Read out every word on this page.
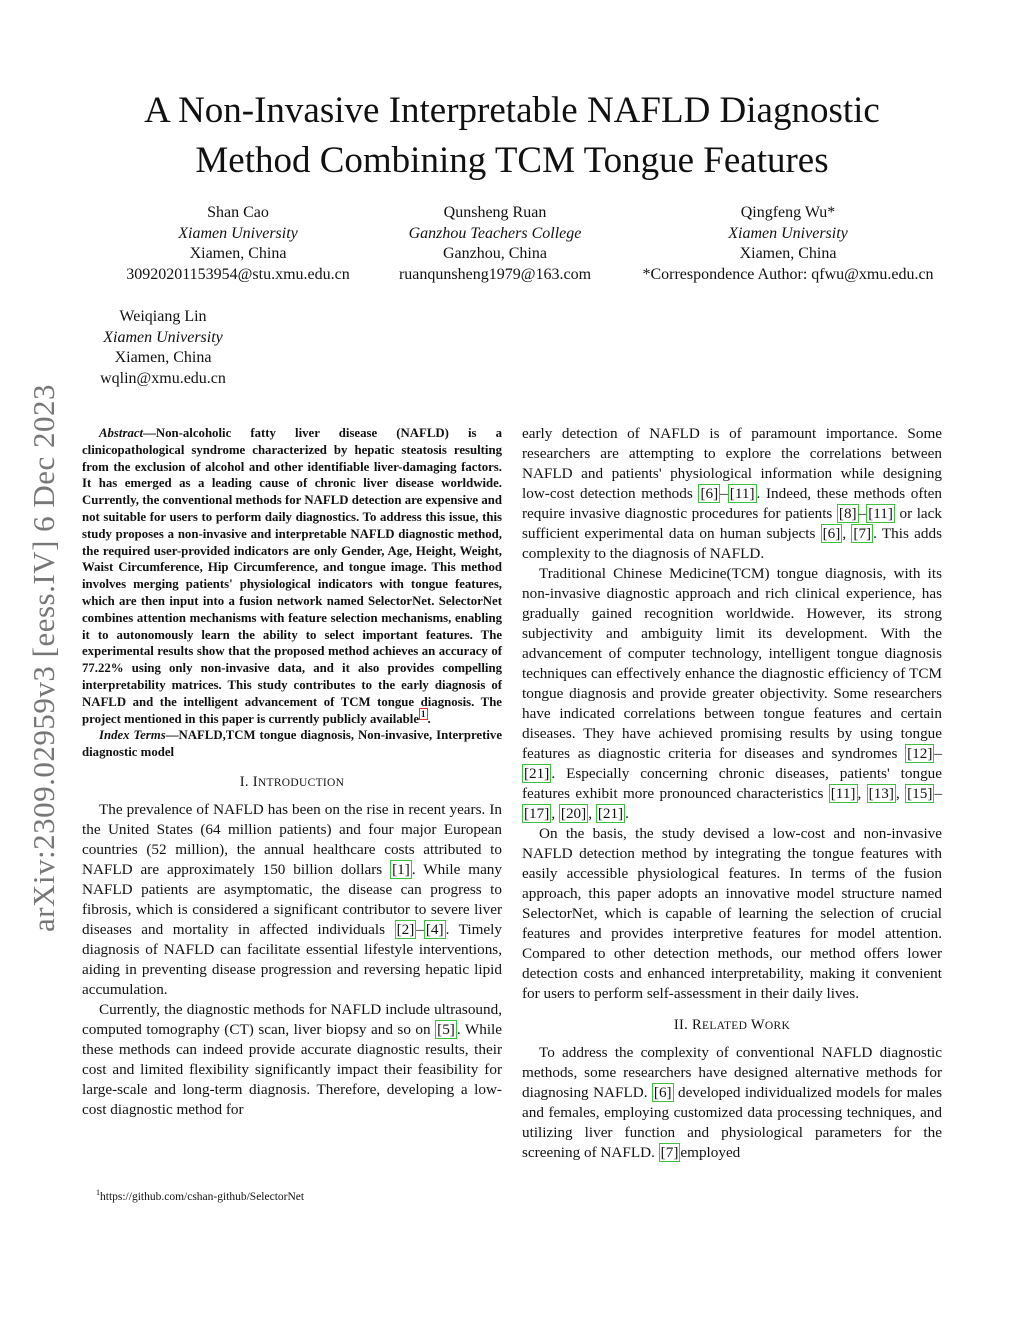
arXiv:2309.02959v3 [eess.IV] 6 Dec 2023
A Non-Invasive Interpretable NAFLD Diagnostic
Method Combining TCM Tongue Features
Shan Cao
Xiamen University
Xiamen, China
30920201153954@stu.xmu.edu.cn
Qunsheng Ruan
Ganzhou Teachers College
Ganzhou, China
ruanqunsheng1979@163.com
Qingfeng Wu*
Xiamen University
Xiamen, China
*Correspondence Author: qfwu@xmu.edu.cn
Weiqiang Lin
Xiamen University
Xiamen, China
wqlin@xmu.edu.cn

Abstract—Non-alcoholic fatty liver disease (NAFLD) is a clinicopathological syndrome characterized by hepatic steatosis resulting from the exclusion of alcohol and other identifiable liver-damaging factors. It has emerged as a leading cause of chronic liver disease worldwide. Currently, the conventional methods for NAFLD detection are expensive and not suitable for users to perform daily diagnostics. To address this issue, this study proposes a non-invasive and interpretable NAFLD diagnostic method, the required user-provided indicators are only Gender, Age, Height, Weight, Waist Circumference, Hip Circumference, and tongue image. This method involves merging patients' physiological indicators with tongue features, which are then input into a fusion network named SelectorNet. SelectorNet combines attention mechanisms with feature selection mechanisms, enabling it to autonomously learn the ability to select important features. The experimental results show that the proposed method achieves an accuracy of 77.22% using only non-invasive data, and it also provides compelling interpretability matrices. This study contributes to the early diagnosis of NAFLD and the intelligent advancement of TCM tongue diagnosis. The project mentioned in this paper is currently publicly available $^1$ .

Index Terms—NAFLD,TCM tongue diagnosis, Non-invasive, Interpretive diagnostic model

I. INTRODUCTION

The prevalence of NAFLD has been on the rise in recent years. In the United States (64 million patients) and four major European countries (52 million), the annual healthcare costs attributed to NAFLD are approximately 150 billion dollars [1] . While many NAFLD patients are asymptomatic, the disease can progress to fibrosis, which is considered a significant contributor to severe liver diseases and mortality in affected individuals [2] – [4] . Timely diagnosis of NAFLD can facilitate essential lifestyle interventions, aiding in preventing disease progression and reversing hepatic lipid accumulation.

Currently, the diagnostic methods for NAFLD include ultrasound, computed tomography (CT) scan, liver biopsy and so on [5] . While these methods can indeed provide accurate diagnostic results, their cost and limited flexibility significantly impact their feasibility for large-scale and long-term diagnosis. Therefore, developing a low-cost diagnostic method for

$^1$https://github.com/cshan-github/SelectorNet

early detection of NAFLD is of paramount importance. Some researchers are attempting to explore the correlations between NAFLD and patients' physiological information while designing low-cost detection methods [6] – [11] . Indeed, these methods often require invasive diagnostic procedures for patients [8] – [11] or lack sufficient experimental data on human subjects [6] , [7] . This adds complexity to the diagnosis of NAFLD.

Traditional Chinese Medicine(TCM) tongue diagnosis, with its non-invasive diagnostic approach and rich clinical experience, has gradually gained recognition worldwide. However, its strong subjectivity and ambiguity limit its development. With the advancement of computer technology, intelligent tongue diagnosis techniques can effectively enhance the diagnostic efficiency of TCM tongue diagnosis and provide greater objectivity. Some researchers have indicated correlations between tongue features and certain diseases. They have achieved promising results by using tongue features as diagnostic criteria for diseases and syndromes [12] –[21] . Especially concerning chronic diseases, patients' tongue features exhibit more pronounced characteristics [11] , [13] , [15] –[17] , [20] , [21] .

On the basis, the study devised a low-cost and non-invasive NAFLD detection method by integrating the tongue features with easily accessible physiological features. In terms of the fusion approach, this paper adopts an innovative model structure named SelectorNet, which is capable of learning the selection of crucial features and provides interpretive features for model attention. Compared to other detection methods, our method offers lower detection costs and enhanced interpretability, making it convenient for users to perform self-assessment in their daily lives.

II. RELATED WORK

To address the complexity of conventional NAFLD diagnostic methods, some researchers have designed alternative methods for diagnosing NAFLD. [6] developed individualized models for males and females, employing customized data processing techniques, and utilizing liver function and physiological parameters for the screening of NAFLD. [7] employed
